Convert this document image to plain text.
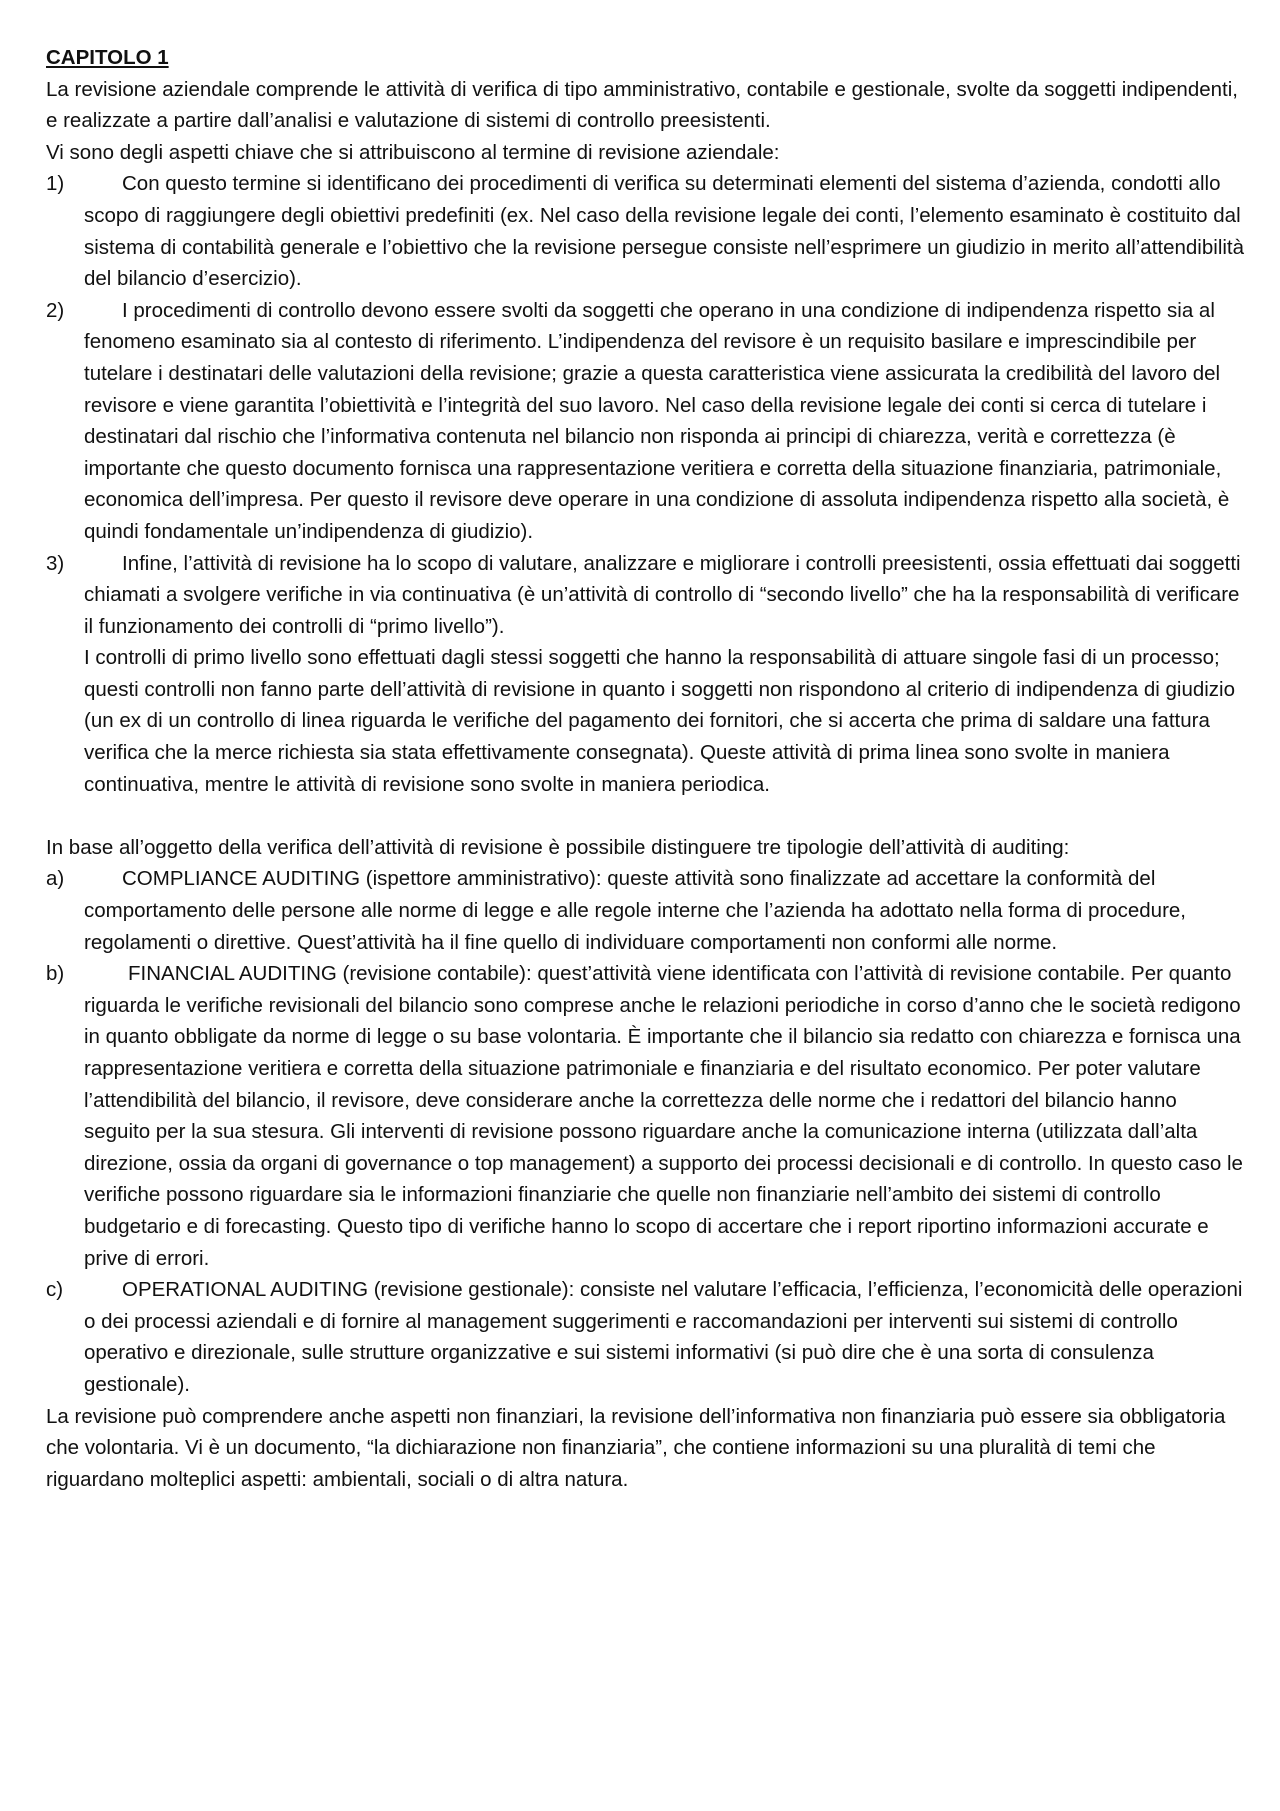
CAPITOLO 1

La revisione aziendale comprende le attività di verifica di tipo amministrativo, contabile e gestionale, svolte da soggetti indipendenti, e realizzate a partire dall’analisi e valutazione di sistemi di controllo preesistenti.

Vi sono degli aspetti chiave che si attribuiscono al termine di revisione aziendale:

1)	Con questo termine si identificano dei procedimenti di verifica su determinati elementi del sistema d’azienda, condotti allo scopo di raggiungere degli obiettivi predefiniti (ex. Nel caso della revisione legale dei conti, l’elemento esaminato è costituito dal sistema di contabilità generale e l’obiettivo che la revisione persegue consiste nell’esprimere un giudizio in merito all’attendibilità del bilancio d’esercizio).
2)	I procedimenti di controllo devono essere svolti da soggetti che operano in una condizione di indipendenza rispetto sia al fenomeno esaminato sia al contesto di riferimento. L’indipendenza del revisore è un requisito basilare e imprescindibile per tutelare i destinatari delle valutazioni della revisione; grazie a questa caratteristica viene assicurata la credibilità del lavoro del revisore e viene garantita l’obiettività e l’integrità del suo lavoro. Nel caso della revisione legale dei conti si cerca di tutelare i destinatari dal rischio che l’informativa contenuta nel bilancio non risponda ai principi di chiarezza, verità e correttezza (è importante che questo documento fornisca una rappresentazione veritiera e corretta della situazione finanziaria, patrimoniale, economica dell’impresa. Per questo il revisore deve operare in una condizione di assoluta indipendenza rispetto alla società, è quindi fondamentale un’indipendenza di giudizio).
3)	Infine, l’attività di revisione ha lo scopo di valutare, analizzare e migliorare i controlli preesistenti, ossia effettuati dai soggetti chiamati a svolgere verifiche in via continuativa (è un’attività di controllo di “secondo livello” che ha la responsabilità di verificare il funzionamento dei controlli di “primo livello”).

I controlli di primo livello sono effettuati dagli stessi soggetti che hanno la responsabilità di attuare singole fasi di un processo; questi controlli non fanno parte dell’attività di revisione in quanto i soggetti non rispondono al criterio di indipendenza di giudizio (un ex di un controllo di linea riguarda le verifiche del pagamento dei fornitori, che si accerta che prima di saldare una fattura verifica che la merce richiesta sia stata effettivamente consegnata). Queste attività di prima linea sono svolte in maniera continuativa, mentre le attività di revisione sono svolte in maniera periodica.

In base all’oggetto della verifica dell’attività di revisione è possibile distinguere tre tipologie dell’attività di auditing:

a)	COMPLIANCE AUDITING (ispettore amministrativo): queste attività sono finalizzate ad accettare la conformità del comportamento delle persone alle norme di legge e alle regole interne che l’azienda ha adottato nella forma di procedure, regolamenti o direttive. Quest’attività ha il fine quello di individuare comportamenti non conformi alle norme.
b)	FINANCIAL AUDITING (revisione contabile): quest’attività viene identificata con l’attività di revisione contabile. Per quanto riguarda le verifiche revisionali del bilancio sono comprese anche le relazioni periodiche in corso d’anno che le società redigono in quanto obbligate da norme di legge o su base volontaria. È importante che il bilancio sia redatto con chiarezza e fornisca una rappresentazione veritiera e corretta della situazione patrimoniale e finanziaria e del risultato economico. Per poter valutare l’attendibilità del bilancio, il revisore, deve considerare anche la correttezza delle norme che i redattori del bilancio hanno seguito per la sua stesura. Gli interventi di revisione possono riguardare anche la comunicazione interna (utilizzata dall’alta direzione, ossia da organi di governance o top management) a supporto dei processi decisionali e di controllo. In questo caso le verifiche possono riguardare sia le informazioni finanziarie che quelle non finanziarie nell’ambito dei sistemi di controllo budgetario e di forecasting. Questo tipo di verifiche hanno lo scopo di accertare che i report riportino informazioni accurate e prive di errori.
c)	OPERATIONAL AUDITING (revisione gestionale): consiste nel valutare l’efficacia, l’efficienza, l’economicità delle operazioni o dei processi aziendali e di fornire al management suggerimenti e raccomandazioni per interventi sui sistemi di controllo operativo e direzionale, sulle strutture organizzative e sui sistemi informativi (si può dire che è una sorta di consulenza gestionale).

La revisione può comprendere anche aspetti non finanziari, la revisione dell’informativa non finanziaria può essere sia obbligatoria che volontaria. Vi è un documento, “la dichiarazione non finanziaria”, che contiene informazioni su una pluralità di temi che riguardano molteplici aspetti: ambientali, sociali o di altra natura.
